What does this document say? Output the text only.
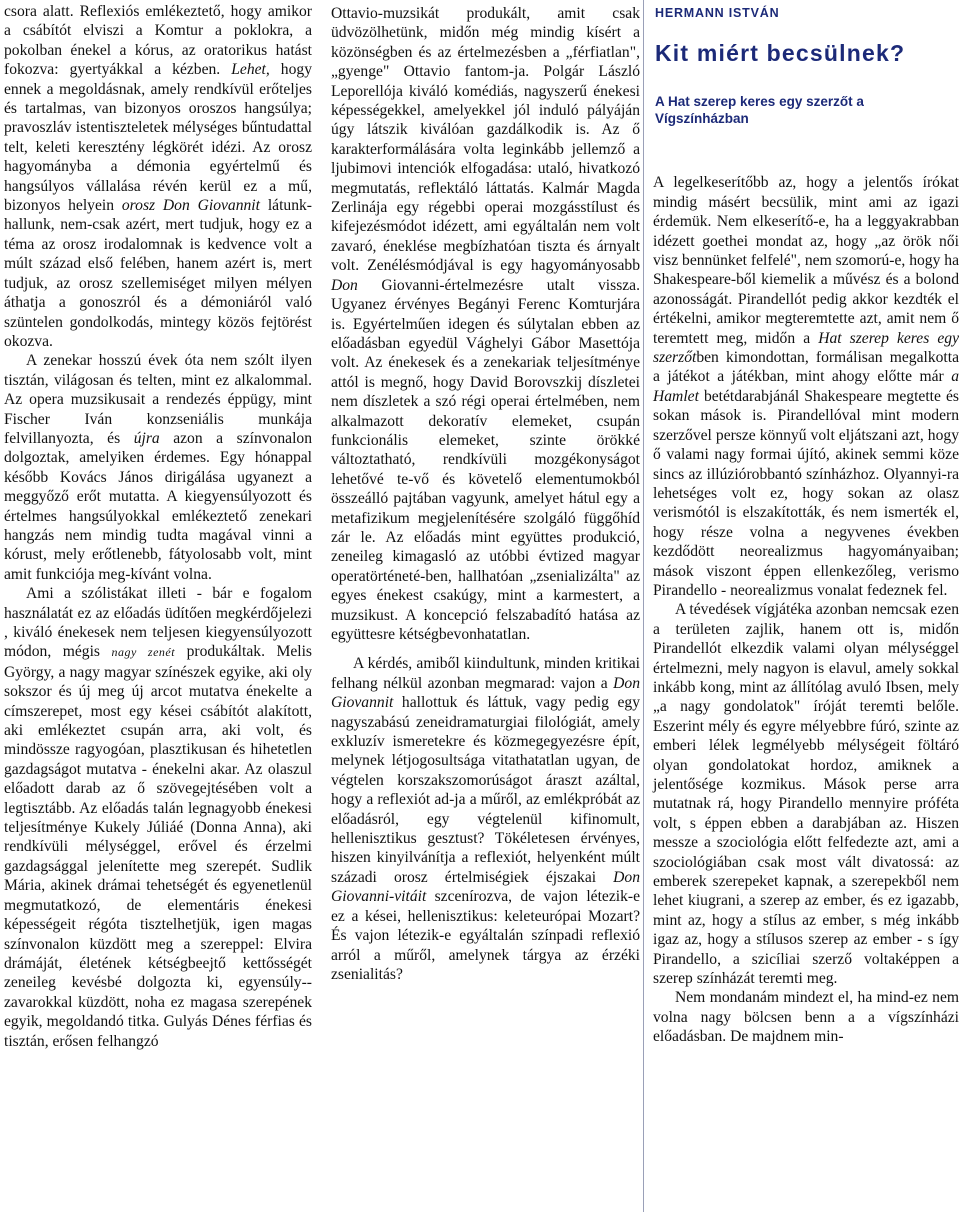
csora alatt. Reflexiós emlékeztető, hogy amikor a csábítót elviszi a Komtur a poklokra, a pokolban énekel a kórus, az oratorikus hatást fokozva: gyertyákkal a kézben. Lehet, hogy ennek a megoldásnak, amely rendkívül erőteljes és tartalmas, van bizonyos oroszos hangsúlya; pravoszláv istentiszteletek mélységes bűntudattal telt, keleti keresztény légkörét idézi. Az orosz hagyományba a démonia egyértelmű és hangsúlyos vállalása révén kerül ez a mű, bizonyos helyein orosz Don Giovannit látunk-hallunk, nem-csak azért, mert tudjuk, hogy ez a téma az orosz irodalomnak is kedvence volt a múlt század első felében, hanem azért is, mert tudjuk, az orosz szellemiséget milyen mélyen áthatja a gonoszról és a démoniáról való szüntelen gondolkodás, mintegy közös fejtörést okozva.

A zenekar hosszú évek óta nem szólt ilyen tisztán, világosan és telten, mint ez alkalommal. Az opera muzsikusait a rendezés éppügy, mint Fischer Iván konzseniális munkája felvillanyozta, és újra azon a színvonalon dolgoztak, amelyiken érdemes. Egy hónappal később Kovács János dirigálása ugyanezt a meggyőző erőt mutatta. A kiegyensúlyozott és értelmes hangsúlyokkal emlékeztető zenekari hangzás nem mindig tudta magával vinni a kórust, mely erőtlenebb, fátyolosabb volt, mint amit funkciója meg-kívánt volna.

Ami a szólistákat illeti - bár e fogalom használatát ez az előadás üdítően megkérdőjelezi , kiváló énekesek nem teljesen kiegyensúlyozott módon, mégis nagy zenét produkáltak. Melis György, a nagy magyar színészek egyike, aki oly sokszor és új meg új arcot mutatva énekelte a címszerepet, most egy kései csábítót alakított, aki emlékeztet csupán arra, aki volt, és mindössze ragyogóan, plasztikusan és hihetetlen gazdagságot mutatva - énekelni akar. Az olaszul előadott darab az ő szövegejtésében volt a legtisztább. Az előadás talán legnagyobb énekesi teljesítménye Kukely Júliáé (Donna Anna), aki rendkívüli mélységgel, erővel és érzelmi gazdagsággal jelenítette meg szerepét. Sudlik Mária, akinek drámai tehetségét és egyenetlenül megmutatkozó, de elementáris énekesi képességeit régóta tisztelhetjük, igen magas színvonalon küzdött meg a szereppel: Elvira drámáját, életének kétségbeejtő kettősségét zeneileg kevésbé dolgozta ki, egyensúly--zavarokkal küzdött, noha ez magasa szerepének egyik, megoldandó titka. Gulyás Dénes férfias és tisztán, erősen felhangzó

Ottavio-muzsikát produkált, amit csak üdvözölhetünk, midőn még mindig kísért a közönségben és az értelmezésben a „férfiatlan", „gyenge" Ottavio fantom-ja. Polgár László Leporellója kiváló komédiás, nagyszerű énekesi képességekkel, amelyekkel jól induló pályáján úgy látszik kiválóan gazdálkodik is. Az ő karakterformálására volta leginkább jellemző a ljubimovi intenciók elfogadása: utaló, hivatkozó megmutatás, reflektáló láttatás. Kalmár Magda Zerlinája egy régebbi operai mozgásstílust és kifejezésmódot idézett, ami egyáltalán nem volt zavaró, éneklése megbízhatóan tiszta és árnyalt volt. Zenélésmódjával is egy hagyományosabb Don Giovanni-értelmezésre utalt vissza. Ugyanez érvényes Begányi Ferenc Komturjára is. Egyértelműen idegen és súlytalan ebben az előadásban egyedül Vághelyi Gábor Masettója volt. Az énekesek és a zenekariak teljesítménye attól is megnő, hogy David Borovszkij díszletei nem díszletek a szó régi operai értelmében, nem alkalmazott dekoratív elemeket, csupán funkcionális elemeket, szinte örökké változtatható, rendkívüli mozgékonyságot lehetővé te-vő és követelő elementumokból összeálló pajtában vagyunk, amelyet hátul egy a metafizikum megjelenítésére szolgáló függőhíd zár le. Az előadás mint együttes produkció, zeneileg kimagasló az utóbbi évtized magyar operatörténeté-ben, hallhatóan „zsenializálta" az egyes énekest csakúgy, mint a karmestert, a muzsikust. A koncepció felszabadító hatása az együttesre kétségbevonhatatlan.

A kérdés, amiből kiindultunk, minden kritikai felhang nélkül azonban megmarad: vajon a Don Giovannit hallottuk és láttuk, vagy pedig egy nagyszabású zeneidramaturgiai filológiát, amely exkluzív ismeretekre és közmegegyezésre épít, melynek létjogosultsága vitathatatlan ugyan, de végtelen korszakszomorúságot áraszt azáltal, hogy a reflexiót ad-ja a műről, az emlékpróbát az előadásról, egy végtelenül kifinomult, hellenisztikus gesztust? Tökéletesen érvényes, hiszen kinyilvánítja a reflexiót, helyenként múlt századi orosz értelmiségiek éjszakai Don Giovanni-vitáit szcenírozva, de vajon létezik-e ez a kései, hellenisztikus: keleteurópai Mozart? És vajon létezik-e egyáltalán színpadi reflexió arról a műről, amelynek tárgya az érzéki zsenialitás?

HERMANN ISTVÁN
Kit miért becsülnek?
A Hat szerep keres egy szerzőt a Vígszínházban

A legelkeserítőbb az, hogy a jelentős írókat mindig másért becsülik, mint ami az igazi érdemük. Nem elkeserítő-e, ha a leggyakrabban idézett goethei mondat az, hogy „az örök női visz bennünket felfelé", nem szomorú-e, hogy ha Shakespeare-ből kiemelik a művész és a bolond azonosságát. Pirandellót pedig akkor kezdték el értékelni, amikor megteremtette azt, amit nem ő teremtett meg, midőn a Hat szerep keres egy szerzőtben kimondottan, formálisan megalkotta a játékot a játékban, mint ahogy előtte már a Hamlet betétdarabjánál Shakespeare megtette és sokan mások is. Pirandellóval mint modern szerzővel persze könnyű volt eljátszani azt, hogy ő valami nagy formai újító, akinek semmi köze sincs az illúziórobbantó színházhoz. Olyannyi-ra lehetséges volt ez, hogy sokan az olasz verismótól is elszakították, és nem ismerték el, hogy része volna a negyvenes években kezdődött neorealizmus hagyományaiban; mások viszont éppen ellenkezőleg, verismo Pirandello - neorealizmus vonalat fedeznek fel.

A tévedések vígjátéka azonban nemcsak ezen a területen zajlik, hanem ott is, midőn Pirandellót elkezdik valami olyan mélységgel értelmezni, mely nagyon is elavul, amely sokkal inkább kong, mint az állítólag avuló Ibsen, mely „a nagy gondolatok" íróját teremti belőle. Eszerint mély és egyre mélyebbre fúró, szinte az emberi lélek legmélyebb mélységeit föltáró olyan gondolatokat hordoz, amiknek a jelentősége kozmikus. Mások perse arra mutatnak rá, hogy Pirandello mennyire próféta volt, s éppen ebben a darabjában az. Hiszen messze a szociológia előtt felfedezte azt, ami a szociológiában csak most vált divatossá: az emberek szerepeket kapnak, a szerepekből nem lehet kiugrani, a szerep az ember, és ez igazabb, mint az, hogy a stílus az ember, s még inkább igaz az, hogy a stílusos szerep az ember - s így Pirandello, a szicíliai szerző voltaképpen a szerep színházát teremti meg.

Nem mondanám mindezt el, ha mind-ez nem volna nagy bölcsen benn a a vígszínházi előadásban. De majdnem min-
